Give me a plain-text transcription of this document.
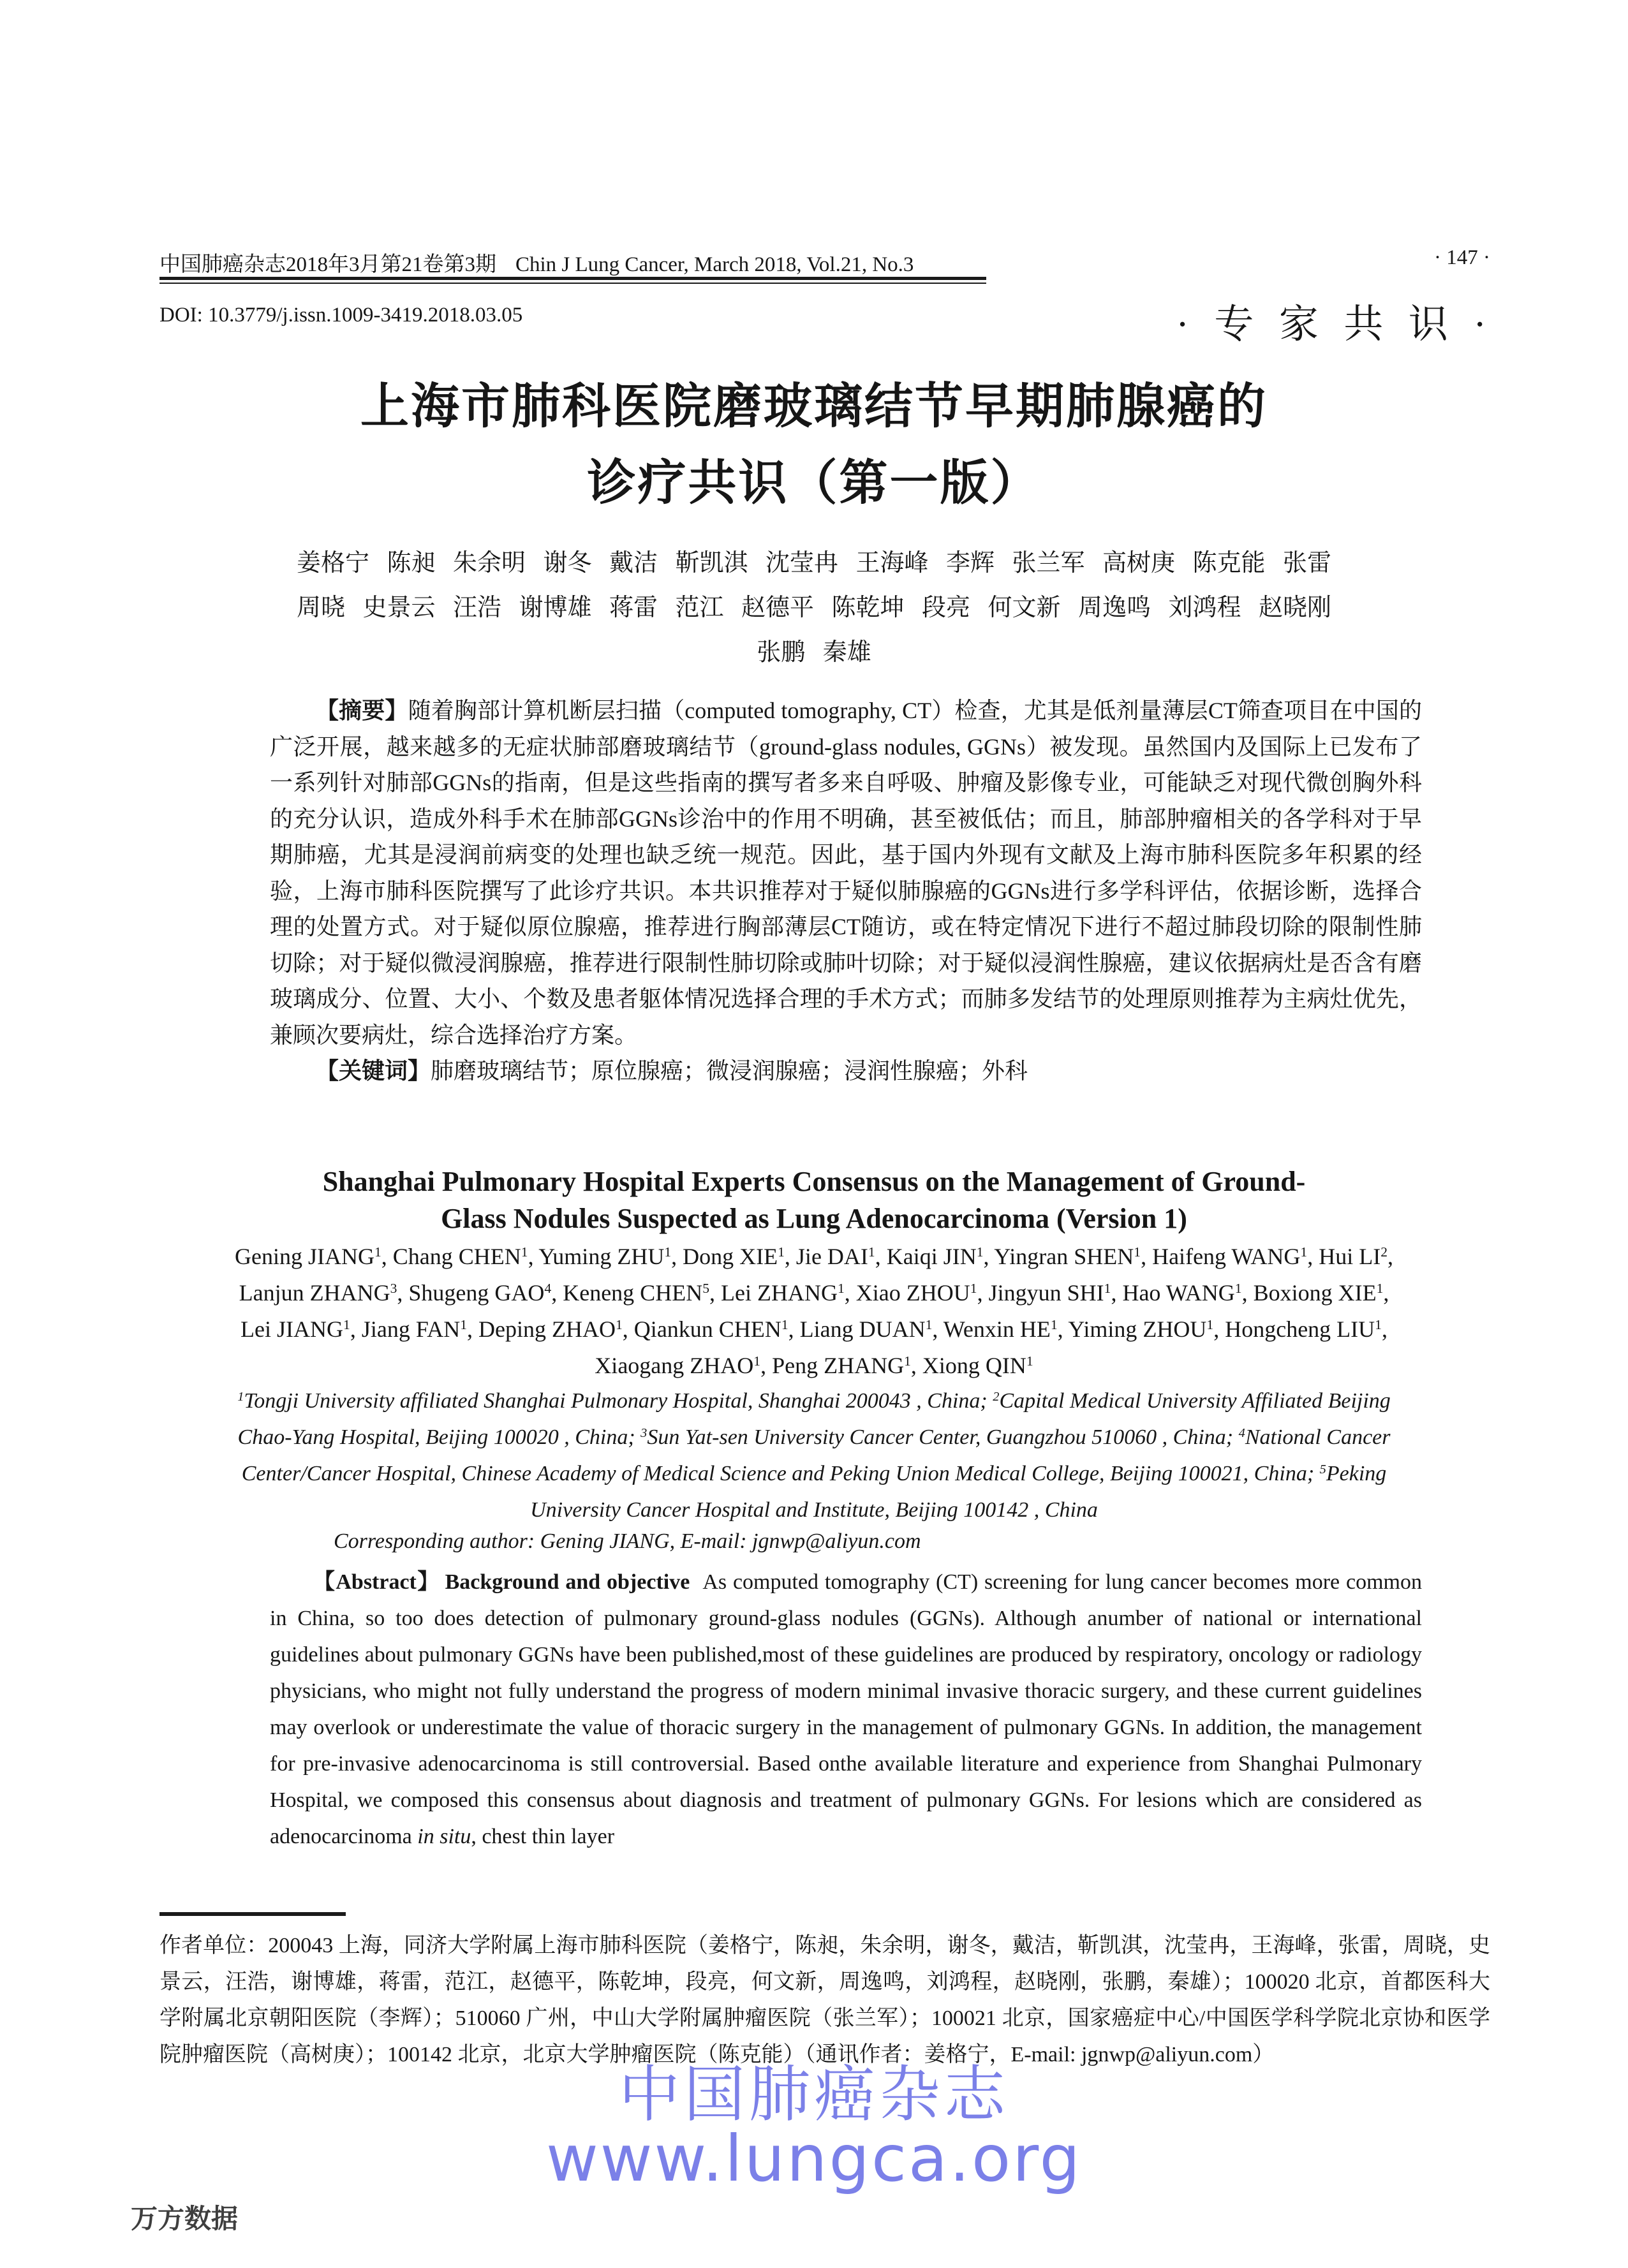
中国肺癌杂志2018年3月第21卷第3期 Chin J Lung Cancer, March 2018, Vol.21, No.3	· 147 ·
DOI: 10.3779/j.issn.1009-3419.2018.03.05	· 专 家 共 识 ·
上海市肺科医院磨玻璃结节早期肺腺癌的
诊疗共识（第一版）
姜格宁 陈昶 朱余明 谢冬 戴洁 靳凯淇 沈莹冉 王海峰 李辉 张兰军 高树庚 陈克能 张雷
周晓 史景云 汪浩 谢博雄 蒋雷 范江 赵德平 陈乾坤 段亮 何文新 周逸鸣 刘鸿程 赵晓刚
张鹏 秦雄

【摘要】随着胸部计算机断层扫描（computed tomography, CT）检查，尤其是低剂量薄层CT筛查项目在中国的广泛开展，越来越多的无症状肺部磨玻璃结节（ground-glass nodules, GGNs）被发现。虽然国内及国际上已发布了一系列针对肺部GGNs的指南，但是这些指南的撰写者多来自呼吸、肿瘤及影像专业，可能缺乏对现代微创胸外科的充分认识，造成外科手术在肺部GGNs诊治中的作用不明确，甚至被低估；而且，肺部肿瘤相关的各学科对于早期肺癌，尤其是浸润前病变的处理也缺乏统一规范。因此，基于国内外现有文献及上海市肺科医院多年积累的经验，上海市肺科医院撰写了此诊疗共识。本共识推荐对于疑似肺腺癌的GGNs进行多学科评估，依据诊断，选择合理的处置方式。对于疑似原位腺癌，推荐进行胸部薄层CT随访，或在特定情况下进行不超过肺段切除的限制性肺切除；对于疑似微浸润腺癌，推荐进行限制性肺切除或肺叶切除；对于疑似浸润性腺癌，建议依据病灶是否含有磨玻璃成分、位置、大小、个数及患者躯体情况选择合理的手术方式；而肺多发结节的处理原则推荐为主病灶优先，兼顾次要病灶，综合选择治疗方案。

【关键词】肺磨玻璃结节；原位腺癌；微浸润腺癌；浸润性腺癌；外科

Shanghai Pulmonary Hospital Experts Consensus on the Management of Ground-
Glass Nodules Suspected as Lung Adenocarcinoma (Version 1)
Gening JIANG$^1$, Chang CHEN$^1$, Yuming ZHU$^1$, Dong XIE$^1$, Jie DAI$^1$, Kaiqi JIN$^1$, Yingran SHEN$^1$, Haifeng WANG$^1$, Hui $LI^2$,
Lanjun ZHANG$^3$, Shugeng GAO$^4$, Keneng CHEN$^5$, Lei ZHANG$^1$, Xiao ZHOU$^1$, Jingyun SHI$^1$, Hao WANG$^1$, Boxiong XIE$^1$,
Lei JIANG$^1$, Jiang FAN$^1$, Deping ZHAO$^1$, Qiankun CHEN$^1$, Liang DUAN$^1$, Wenxin $HE^1$, Yiming ZHOU$^1$, Hongcheng LIU$^1$,
Xiaogang ZHAO$^1$, Peng ZHANG$^1$, Xiong QIN$^1$
$^1$Tongji University affiliated Shanghai Pulmonary Hospital, Shanghai 200043 , China; $^2$Capital Medical University Affiliated Beijing
Chao-Yang Hospital, Beijing 100020 , China; $^3$Sun Yat-sen University Cancer Center, Guangzhou 510060 , China; $^4$National Cancer
Center/Cancer Hospital, Chinese Academy of Medical Science and Peking Union Medical College, Beijing 100021, China; $^5$Peking
University Cancer Hospital and Institute, Beijing 100142 , China
Corresponding author: Gening JIANG, E-mail: jgnwp@aliyun.com

【Abstract】 Background and objective As computed tomography (CT) screening for lung cancer becomes more common in China, so too does detection of pulmonary ground-glass nodules (GGNs). Although anumber of national or international guidelines about pulmonary GGNs have been published,most of these guidelines are produced by respiratory, oncology or radiology physicians, who might not fully understand the progress of modern minimal invasive thoracic surgery, and these current guidelines may overlook or underestimate the value of thoracic surgery in the management of pulmonary GGNs. In addition, the management for pre-invasive adenocarcinoma is still controversial. Based onthe available literature and experience from Shanghai Pulmonary Hospital, we composed this consensus about diagnosis and treatment of pulmonary GGNs. For lesions which are considered as adenocarcinoma in situ, chest thin layer

作者单位：200043 上海，同济大学附属上海市肺科医院（姜格宁，陈昶，朱余明，谢冬，戴洁，靳凯淇，沈莹冉，王海峰，张雷，周晓，史景云，汪浩，谢博雄，蒋雷，范江，赵德平，陈乾坤，段亮，何文新，周逸鸣，刘鸿程，赵晓刚，张鹏，秦雄）；100020 北京，首都医科大学附属北京朝阳医院（李辉）；510060 广州，中山大学附属肿瘤医院（张兰军）；100021 北京，国家癌症中心/中国医学科学院北京协和医学院肿瘤医院（高树庚）；100142 北京，北京大学肿瘤医院（陈克能）（通讯作者：姜格宁，E-mail: jgnwp@aliyun.com）

中国肺癌杂志
www.lungca.org
万方数据
